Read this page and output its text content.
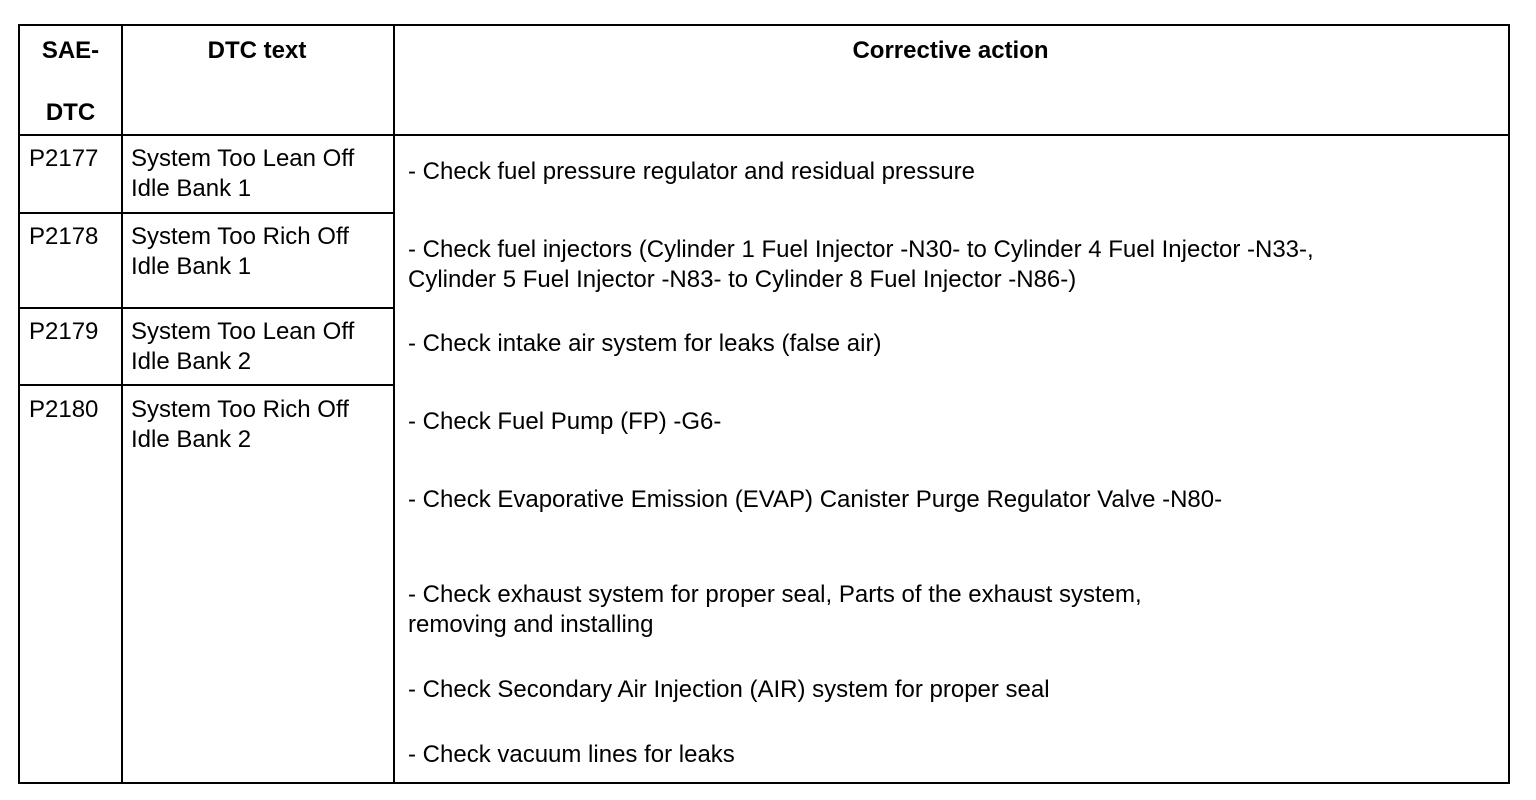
SAE-
DTC
DTC text	Corrective action
P2177 System Too Lean Off
Idle Bank 1
P2178 System Too Rich Off
Idle Bank 1
P2179 System Too Lean Off
Idle Bank 2
P2180 System Too Rich Off
Idle Bank 2
- Check fuel pressure regulator and residual pressure
- Check fuel injectors (Cylinder 1 Fuel Injector -N30- to Cylinder 4 Fuel Injector -N33-,
Cylinder 5 Fuel Injector -N83- to Cylinder 8 Fuel Injector -N86-)
- Check intake air system for leaks (false air)
- Check Fuel Pump (FP) -G6-
- Check Evaporative Emission (EVAP) Canister Purge Regulator Valve -N80-
- Check exhaust system for proper seal, Parts of the exhaust system,
removing and installing
- Check Secondary Air Injection (AIR) system for proper seal
- Check vacuum lines for leaks
